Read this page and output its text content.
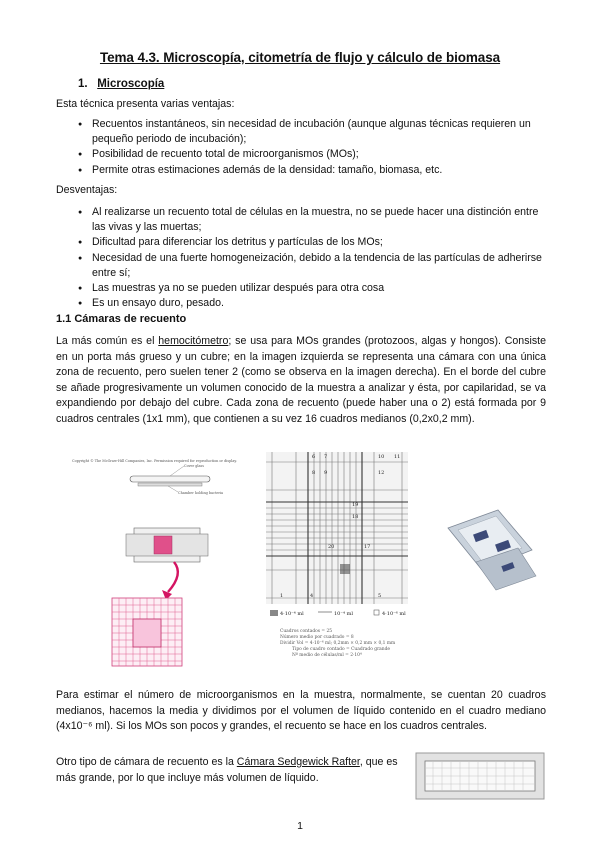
Tema 4.3. Microscopía, citometría de flujo y cálculo de biomasa
1. Microscopía
Esta técnica presenta varias ventajas:
● Recuentos instantáneos, sin necesidad de incubación (aunque algunas técnicas requieren un pequeño periodo de incubación);
● Posibilidad de recuento total de microorganismos (MOs);
● Permite otras estimaciones además de la densidad: tamaño, biomasa, etc.
Desventajas:
● Al realizarse un recuento total de células en la muestra, no se puede hacer una distinción entre las vivas y las muertas;
● Dificultad para diferenciar los detritus y partículas de los MOs;
● Necesidad de una fuerte homogeneización, debido a la tendencia de las partículas de adherirse entre sí;
● Las muestras ya no se pueden utilizar después para otra cosa
● Es un ensayo duro, pesado.
1.1 Cámaras de recuento
La más común es el hemocitómetro; se usa para MOs grandes (protozoos, algas y hongos). Consiste en un porta más grueso y un cubre; en la imagen izquierda se representa una cámara con una única zona de recuento, pero suelen tener 2 (como se observa en la imagen derecha). En el borde del cubre se añade progresivamente un volumen conocido de la muestra a analizar y ésta, por capilaridad, se va expandiendo por debajo del cubre. Cada zona de recuento (puede haber una o 2) está formada por 9 cuadros centrales (1x1 mm), que contienen a su vez 16 cuadros medianos (0,2x0,2 mm).
Copyright © The McGraw-Hill Companies, Inc. Permission required for reproduction or display.
Cover glass
Chamber holding bacteria
6 7	10 11
8 9	12
19
18
20	17
1	4	5
4·10⁻⁴ ml	10⁻⁴ ml	4·10⁻⁶ ml
Cuadros contados = 25
Número medio por cuadrado = 8
Dividir Vol = 4·10⁻⁶ ml; 0,2mm × 0,2 mm × 0,1 mm
Tipo de cuadro contado = Cuadrado grande
Nº medio de células/ml = 2·10⁴
Para estimar el número de microorganismos en la muestra, normalmente, se cuentan 20 cuadros medianos, hacemos la media y dividimos por el volumen de líquido contenido en el cuadro mediano (4x10⁻⁶ ml). Si los MOs son pocos y grandes, el recuento se hace en los cuadros centrales.
Otro tipo de cámara de recuento es la Cámara Sedgewick Rafter, que es más grande, por lo que incluye más volumen de líquido.
1
